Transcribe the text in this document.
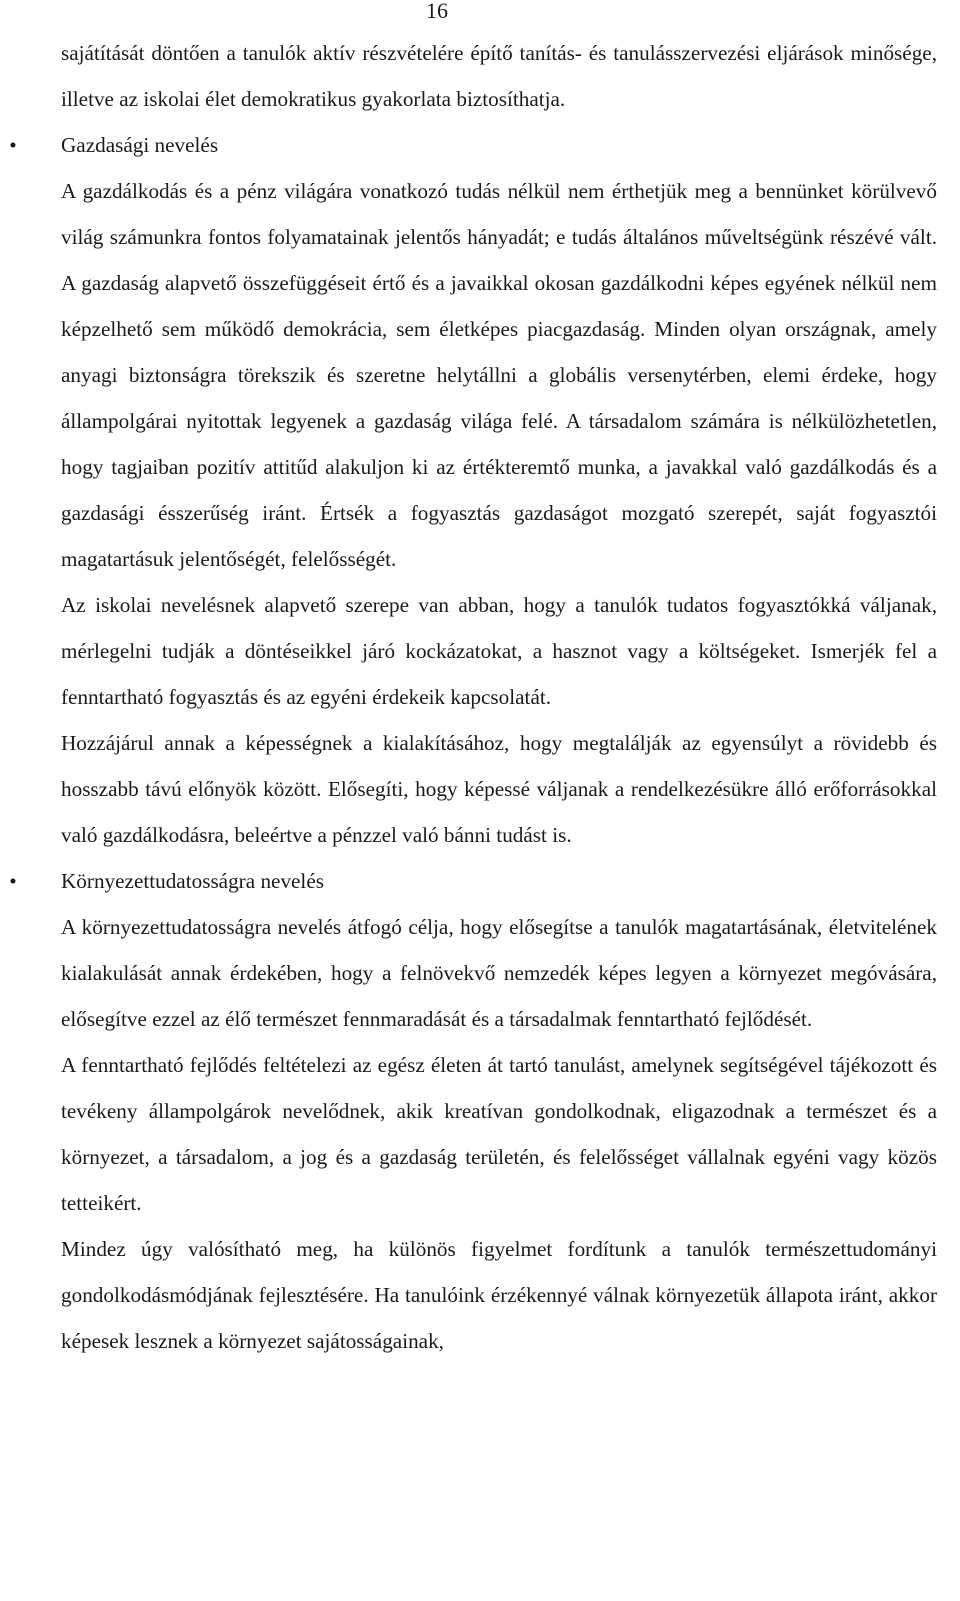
16

sajátítását döntően a tanulók aktív részvételére építő tanítás- és tanulásszervezési eljárások minősége, illetve az iskolai élet demokratikus gyakorlata biztosíthatja.

• Gazdasági nevelés

A gazdálkodás és a pénz világára vonatkozó tudás nélkül nem érthetjük meg a bennünket körülvevő világ számunkra fontos folyamatainak jelentős hányadát; e tudás általános műveltségünk részévé vált. A gazdaság alapvető összefüggéseit értő és a javaikkal okosan gazdálkodni képes egyének nélkül nem képzelhető sem működő demokrácia, sem életképes piacgazdaság. Minden olyan országnak, amely anyagi biztonságra törekszik és szeretne helytállni a globális versenytérben, elemi érdeke, hogy állampolgárai nyitottak legyenek a gazdaság világa felé. A társadalom számára is nélkülözhetetlen, hogy tagjaiban pozitív attitűd alakuljon ki az értékteremtő munka, a javakkal való gazdálkodás és a gazdasági ésszerűség iránt. Értsék a fogyasztás gazdaságot mozgató szerepét, saját fogyasztói magatartásuk jelentőségét, felelősségét.

Az iskolai nevelésnek alapvető szerepe van abban, hogy a tanulók tudatos fogyasztókká váljanak, mérlegelni tudják a döntéseikkel járó kockázatokat, a hasznot vagy a költségeket. Ismerjék fel a fenntartható fogyasztás és az egyéni érdekeik kapcsolatát.

Hozzájárul annak a képességnek a kialakításához, hogy megtalálják az egyensúlyt a rövidebb és hosszabb távú előnyök között. Elősegíti, hogy képessé váljanak a rendelkezésükre álló erőforrásokkal való gazdálkodásra, beleértve a pénzzel való bánni tudást is.

• Környezettudatosságra nevelés

A környezettudatosságra nevelés átfogó célja, hogy elősegítse a tanulók magatartásának, életvitelének kialakulását annak érdekében, hogy a felnövekvő nemzedék képes legyen a környezet megóvására, elősegítve ezzel az élő természet fennmaradását és a társadalmak fenntartható fejlődését.

A fenntartható fejlődés feltételezi az egész életen át tartó tanulást, amelynek segítségével tájékozott és tevékeny állampolgárok nevelődnek, akik kreatívan gondolkodnak, eligazodnak a természet és a környezet, a társadalom, a jog és a gazdaság területén, és felelősséget vállalnak egyéni vagy közös tetteikért.

Mindez úgy valósítható meg, ha különös figyelmet fordítunk a tanulók természettudományi gondolkodásmódjának fejlesztésére. Ha tanulóink érzékennyé válnak környezetük állapota iránt, akkor képesek lesznek a környezet sajátosságainak,
